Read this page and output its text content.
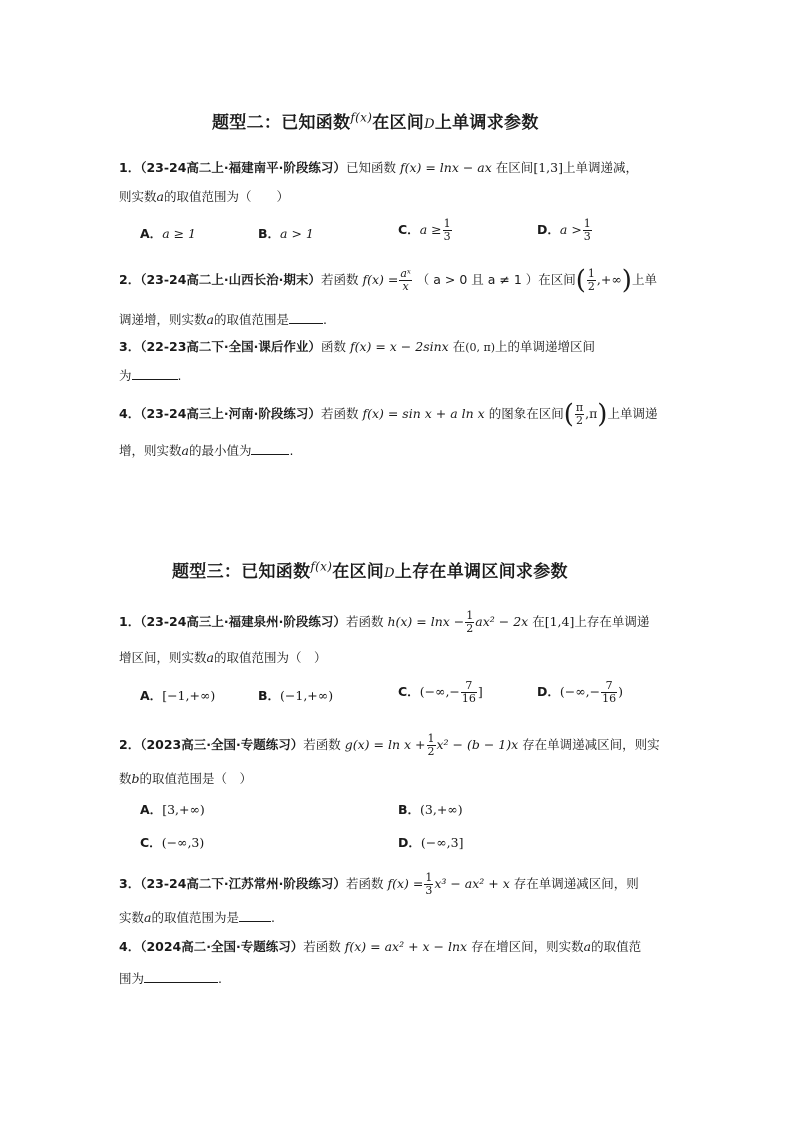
题型二：已知函数$^{f(x)}$在区间D上单调求参数
1．（23-24高二上·福建南平·阶段练习）已知函数 f(x) = lnx − ax 在区间[1,3]上单调递减，
则实数a的取值范围为（　　）
A．a ≥ 1	B．a > 1	C．$a \ge \frac{1}{3}$	D．$a > \frac{1}{3}$
2．（23-24高二上·山西长治·期末）若函数 $f(x) = \frac{\text{aˣ}}{x}$ （ a > 0 且 a ≠ 1 ）在区间( $\frac{1}{2}$ ,+∞)上单
调递增，则实数a的取值范围是	.
3．（22-23高二下·全国·课后作业）函数 f(x) = x − 2sinx 在(0, π)上的单调递增区间
为	.
4．（23-24高三上·河南·阶段练习）若函数 f(x) = sin x + a ln x 的图象在区间( $\frac{\pi}{2} ,\pi$)上单调递
增，则实数a的最小值为	.
题型三：已知函数$^{f(x)}$在区间D上存在单调区间求参数
1．（23-24高三上·福建泉州·阶段练习）若函数 $h(x) = \ln x - \frac{1}{2} ax^2 - 2x$ 在[1,4]上存在单调递
增区间，则实数a的取值范围为（　）
A．[−1,+∞)	B．(−1,+∞)	C．(−∞,− $\frac{7}{16}$ ]	D．(−∞,− $\frac{7}{16}$ )
2．（2023高三·全国·专题练习）若函数 $g(x) = \ln x + \frac{1}{2} x^2 - (b - 1)x$ 存在单调递减区间，则实
数b的取值范围是（　）
A．[3,+∞)	B．(3,+∞)
C．(−∞,3)	D．(−∞,3]
3．（23-24高二下·江苏常州·阶段练习）若函数 $f(x) = \frac{1}{3} x^3 - ax^2 + x$ 存在单调递减区间，则
实数a的取值范围为是	.
4．（2024高二·全国·专题练习）若函数 f(x) = ax² + x − lnx 存在增区间，则实数a的取值范
围为	.
